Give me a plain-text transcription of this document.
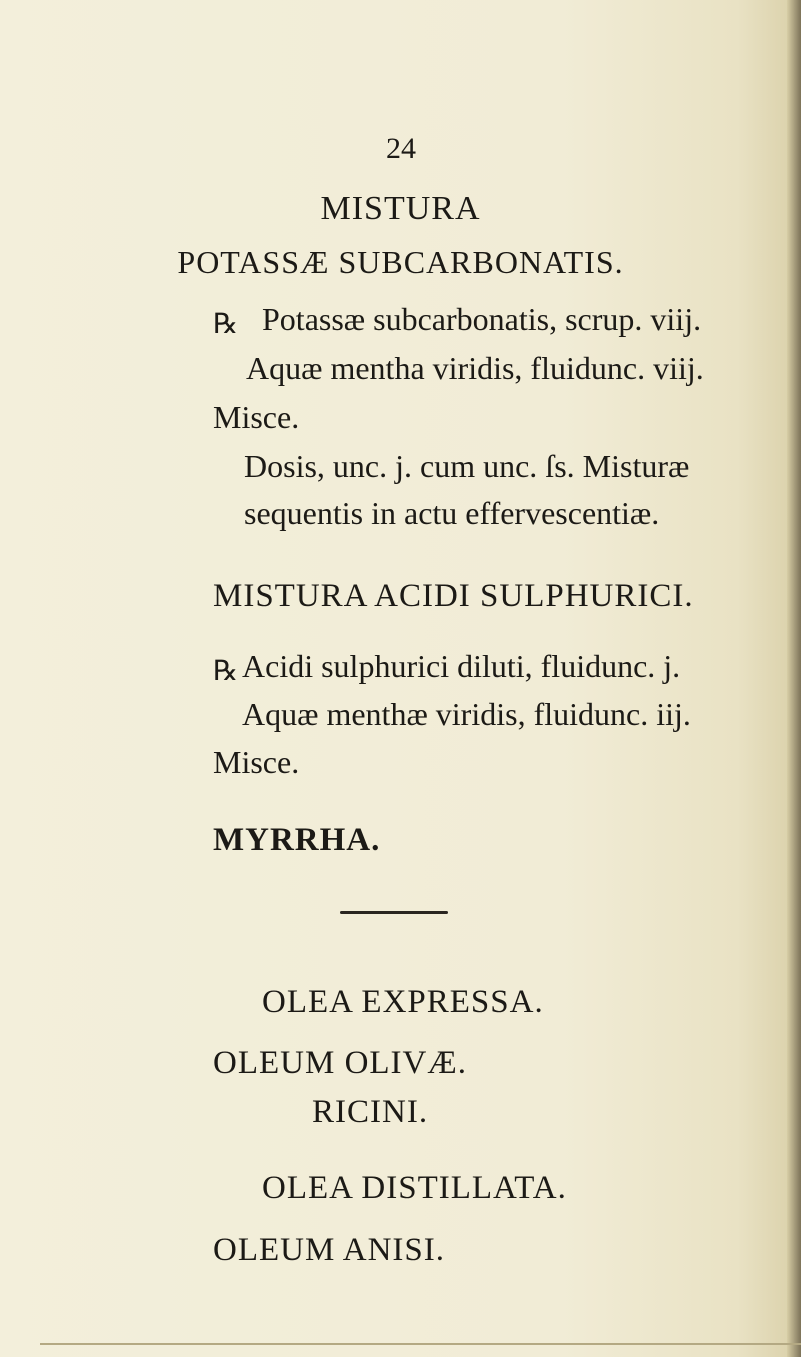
24
MISTURA
POTASSÆ SUBCARBONATIS.
℞ Potassæ subcarbonatis, scrup. viij.
Aquæ mentha viridis, fluidunc. viij.
Misce.
Dosis, unc. j. cum unc. ſs. Misturæ
sequentis in actu effervescentiæ.
MISTURA ACIDI SULPHURICI.
℞ Acidi sulphurici diluti, fluidunc. j.
Aquæ menthæ viridis, fluidunc. iij.
Misce.
MYRRHA.
OLEA EXPRESSA.
OLEUM OLIVÆ.
RICINI.
OLEA DISTILLATA.
OLEUM ANISI.
